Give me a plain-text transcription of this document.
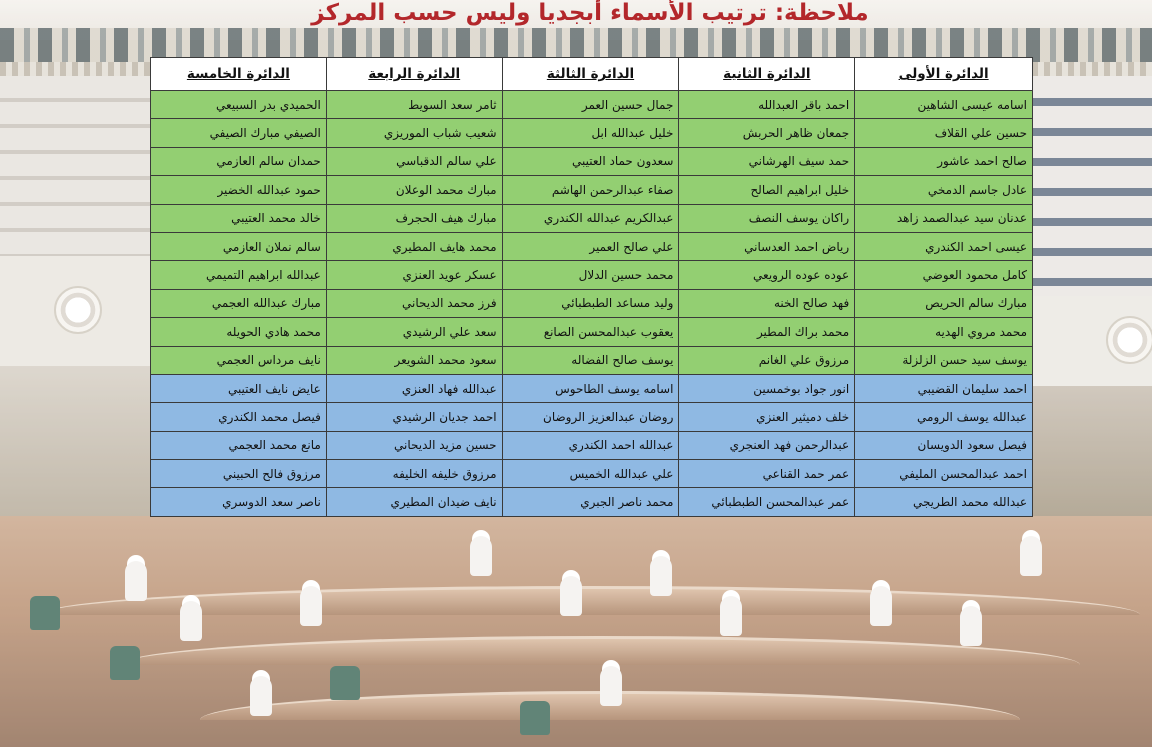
ملاحظة: ترتيب الأسماء أبجديا وليس حسب المركز
الدائرة الأولى	الدائرة الثانية	الدائرة الثالثة	الدائرة الرابعة	الدائرة الخامسة
اسامه عيسى الشاهين	احمد باقر العبدالله	جمال حسين العمر	ثامر سعد السويط	الحميدي بدر السبيعي
حسين علي القلاف	جمعان ظاهر الحربش	خليل عبدالله ابل	شعيب شباب الموريزي	الصيفي مبارك الصيفي
صالح احمد عاشور	حمد سيف الهرشاني	سعدون حماد العتيبي	علي سالم الدقباسي	حمدان سالم العازمي
عادل جاسم الدمخي	خليل ابراهيم الصالح	صفاء عبدالرحمن الهاشم	مبارك محمد الوعلان	حمود عبدالله الخضير
عدنان سيد عبدالصمد زاهد	راكان يوسف النصف	عبدالكريم عبدالله الكندري	مبارك هيف الحجرف	خالد محمد العتيبي
عيسى احمد الكندري	رياض احمد العدساني	علي صالح العمير	محمد هايف المطيري	سالم نملان العازمي
كامل محمود العوضي	عوده عوده الرويعي	محمد حسين الدلال	عسكر عويد العنزي	عبدالله ابراهيم التميمي
مبارك سالم الحريص	فهد صالح الخنه	وليد مساعد الطبطبائي	فرز محمد الديحاني	مبارك عبدالله العجمي
محمد مروي الهديه	محمد براك المطير	يعقوب عبدالمحسن الصانع	سعد علي الرشيدي	محمد هادي الحويله
يوسف سيد حسن الزلزلة	مرزوق علي الغانم	يوسف صالح الفضاله	سعود محمد الشويعر	نايف مرداس العجمي
احمد سليمان القضيبي	انور جواد بوخمسين	اسامه يوسف الطاحوس	عبدالله فهاد العنزي	عايض نايف العتيبي
عبدالله يوسف الرومي	خلف دميثير العنزي	روضان عبدالعزيز الروضان	احمد جديان الرشيدي	فيصل محمد الكندري
فيصل سعود الدويسان	عبدالرحمن فهد العنجري	عبدالله احمد الكندري	حسين مزيد الديحاني	مانع محمد العجمي
احمد عبدالمحسن المليفي	عمر حمد القناعي	علي عبدالله الخميس	مرزوق خليفه الخليفه	مرزوق فالح الحبيني
عبدالله محمد الطريجي	عمر عبدالمحسن الطبطبائي	محمد ناصر الجبري	نايف ضيدان المطيري	ناصر سعد الدوسري
